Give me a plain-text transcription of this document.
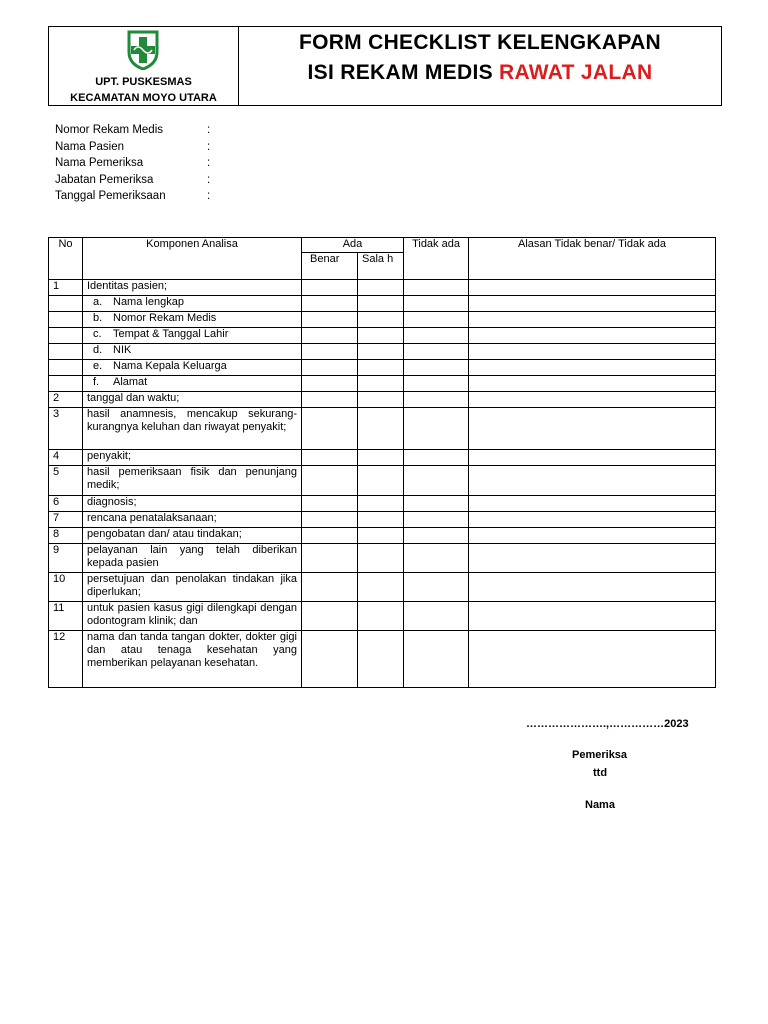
UPT. PUSKESMAS
KECAMATAN MOYO UTARA
FORM CHECKLIST KELENGKAPAN
ISI REKAM MEDIS RAWAT JALAN
Nomor Rekam Medis	:
Nama Pasien	:
Nama Pemeriksa	:
Jabatan Pemeriksa	:
Tanggal Pemeriksaan	:
No	Komponen Analisa	Ada		Tidak ada	Alasan Tidak benar/ Tidak ada
		Benar	Sala h		
1	Identitas pasien;				
	a. Nama lengkap				
	b. Nomor Rekam Medis				
	c. Tempat & Tanggal Lahir				
	d. NIK				
	e. Nama Kepala Keluarga				
	f. Alamat				
2	tanggal dan waktu;				
3	hasil anamnesis, mencakup sekurang-kurangnya keluhan dan riwayat penyakit;				
4	penyakit;				
5	hasil pemeriksaan fisik dan penunjang medik;				
6	diagnosis;				
7	rencana penatalaksanaan;				
8	pengobatan dan/ atau tindakan;				
9	pelayanan lain yang telah diberikan kepada pasien				
10	persetujuan dan penolakan tindakan jika diperlukan;				
11	untuk pasien kasus gigi dilengkapi dengan odontogram klinik; dan				
12	nama dan tanda tangan dokter, dokter gigi dan atau tenaga kesehatan yang memberikan pelayanan kesehatan.				
………………….,……………2023
Pemeriksa
ttd
Nama
